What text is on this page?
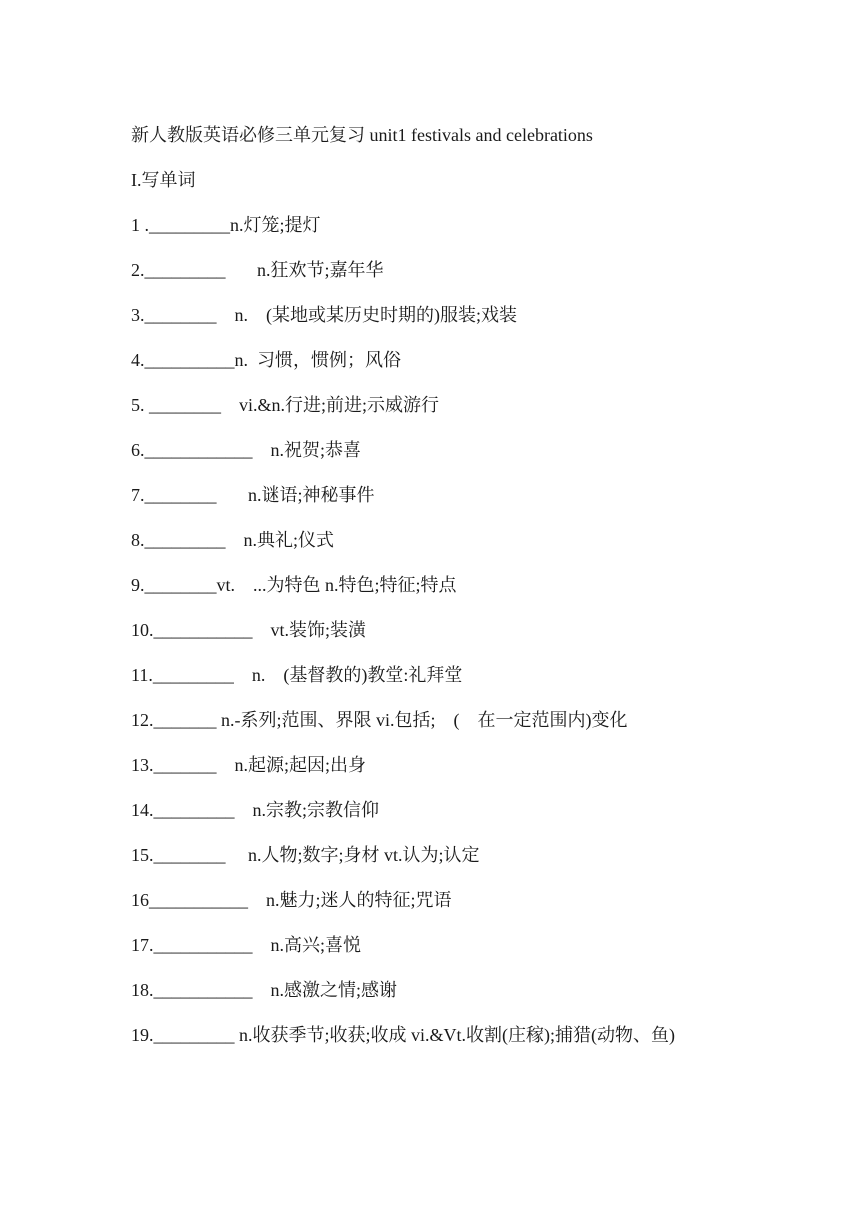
新人教版英语必修三单元复习 unit1 festivals and celebrations

I.写单词

1 ._________n.灯笼;提灯

2._________       n.狂欢节;嘉年华

3.________    n.    (某地或某历史时期的)服装;戏装

4.__________n.  习惯，惯例；风俗

5. ________    vi.&n.行进;前进;示威游行

6.____________    n.祝贺;恭喜

7.________       n.谜语;神秘事件

8._________    n.典礼;仪式

9.________vt.    ...为特色 n.特色;特征;特点

10.___________    vt.装饰;装潢

11._________    n.    (基督教的)教堂:礼拜堂

12._______ n.-系列;范围、界限 vi.包括;    (    在一定范围内)变化

13._______    n.起源;起因;出身

14._________    n.宗教;宗教信仰

15.________     n.人物;数字;身材 vt.认为;认定

16___________    n.魅力;迷人的特征;咒语

17.___________    n.高兴;喜悦

18.___________    n.感激之情;感谢

19._________ n.收获季节;收获;收成 vi.&Vt.收割(庄稼);捕猎(动物、鱼)
